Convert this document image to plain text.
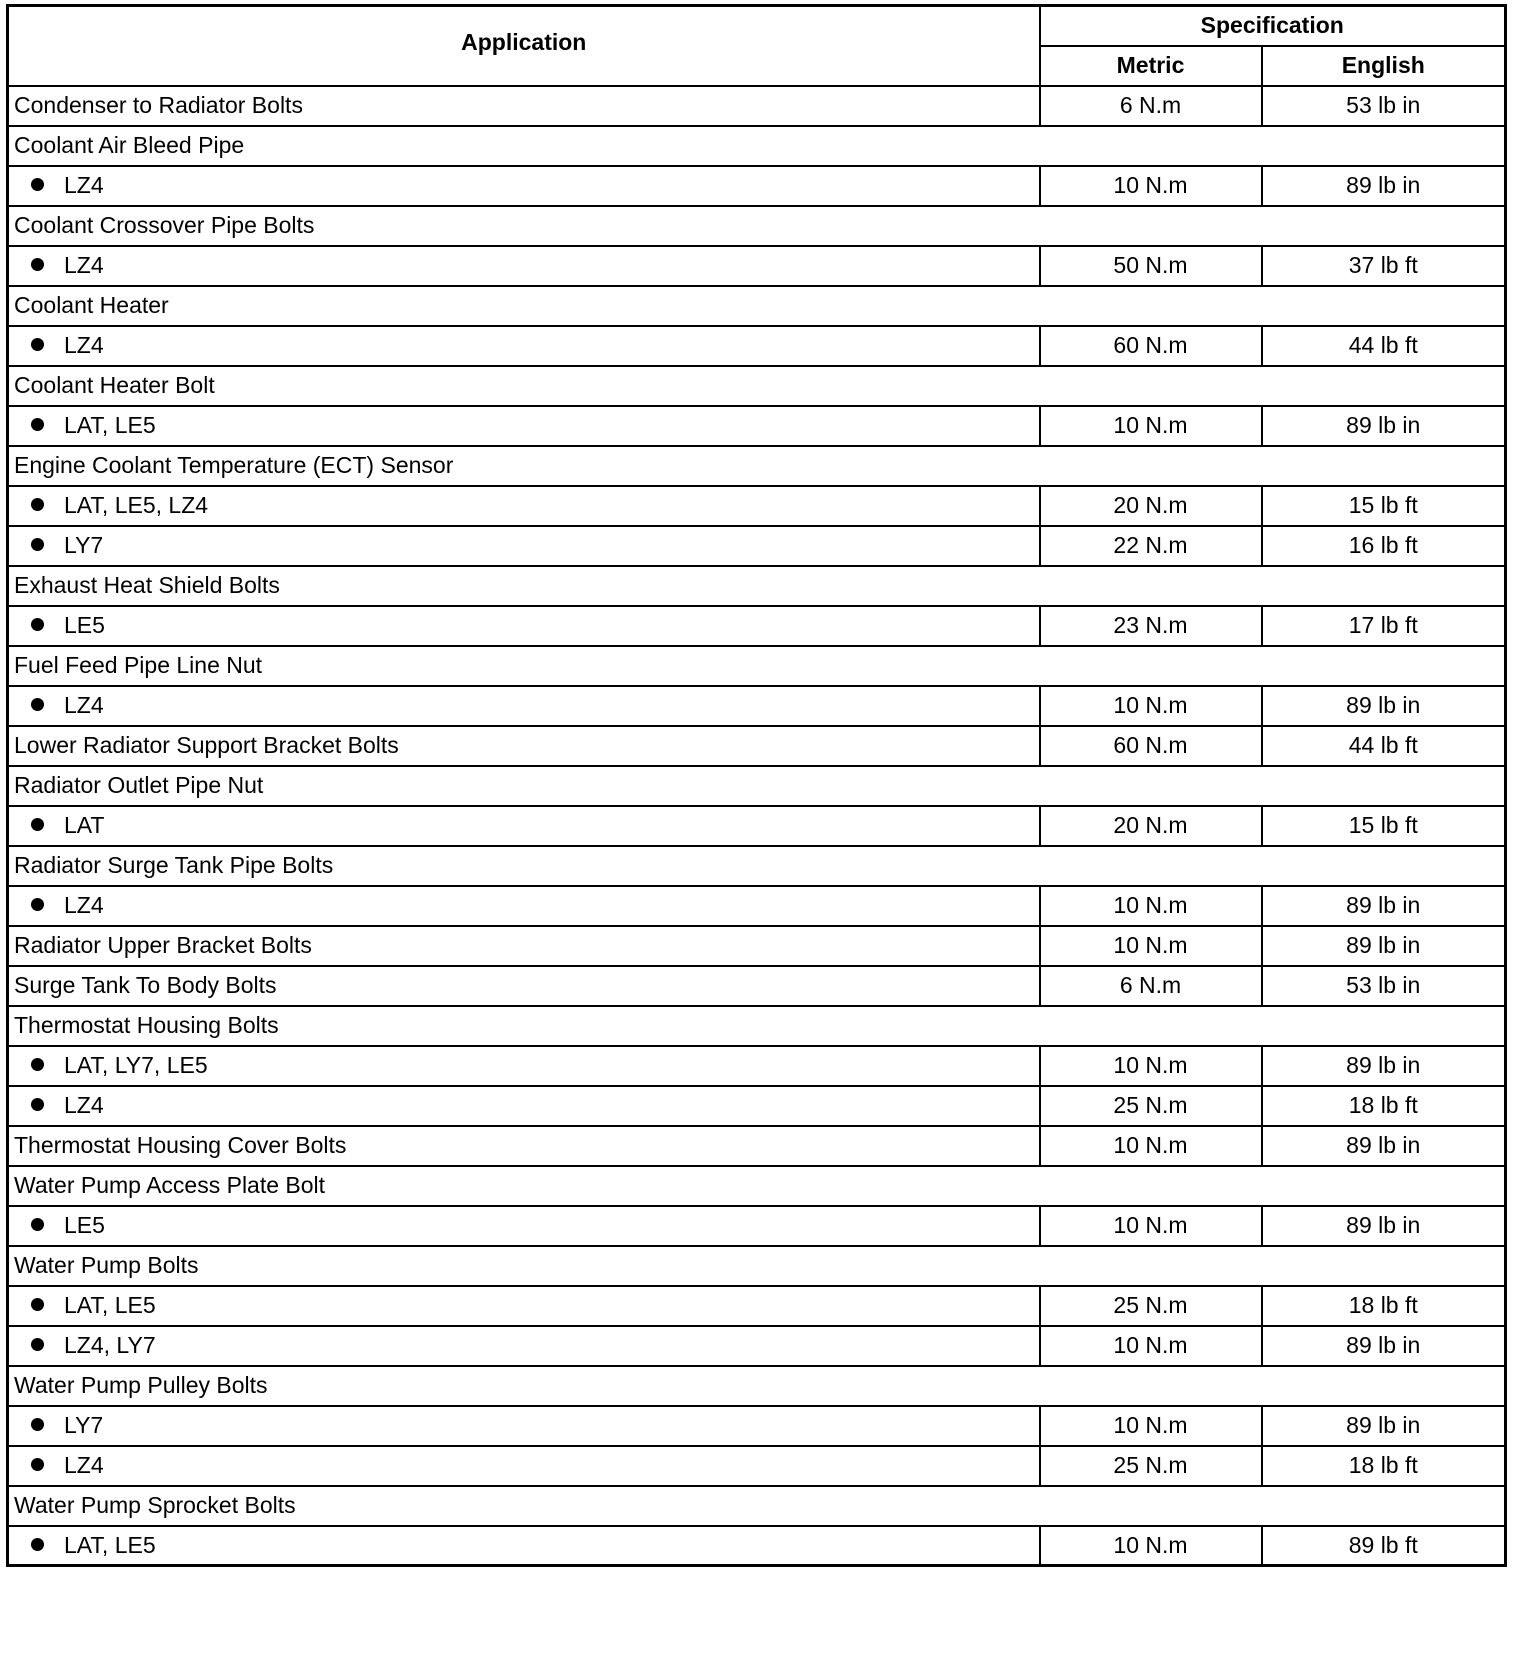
Application	Specification	
	Metric	English
Condenser to Radiator Bolts	6 N.m	53 lb in
Coolant Air Bleed Pipe		
LZ4	10 N.m	89 lb in
Coolant Crossover Pipe Bolts		
LZ4	50 N.m	37 lb ft
Coolant Heater		
LZ4	60 N.m	44 lb ft
Coolant Heater Bolt		
LAT, LE5	10 N.m	89 lb in
Engine Coolant Temperature (ECT) Sensor		
LAT, LE5, LZ4	20 N.m	15 lb ft
LY7	22 N.m	16 lb ft
Exhaust Heat Shield Bolts		
LE5	23 N.m	17 lb ft
Fuel Feed Pipe Line Nut		
LZ4	10 N.m	89 lb in
Lower Radiator Support Bracket Bolts	60 N.m	44 lb ft
Radiator Outlet Pipe Nut		
LAT	20 N.m	15 lb ft
Radiator Surge Tank Pipe Bolts		
LZ4	10 N.m	89 lb in
Radiator Upper Bracket Bolts	10 N.m	89 lb in
Surge Tank To Body Bolts	6 N.m	53 lb in
Thermostat Housing Bolts		
LAT, LY7, LE5	10 N.m	89 lb in
LZ4	25 N.m	18 lb ft
Thermostat Housing Cover Bolts	10 N.m	89 lb in
Water Pump Access Plate Bolt		
LE5	10 N.m	89 lb in
Water Pump Bolts		
LAT, LE5	25 N.m	18 lb ft
LZ4, LY7	10 N.m	89 lb in
Water Pump Pulley Bolts		
LY7	10 N.m	89 lb in
LZ4	25 N.m	18 lb ft
Water Pump Sprocket Bolts		
LAT, LE5	10 N.m	89 lb ft
